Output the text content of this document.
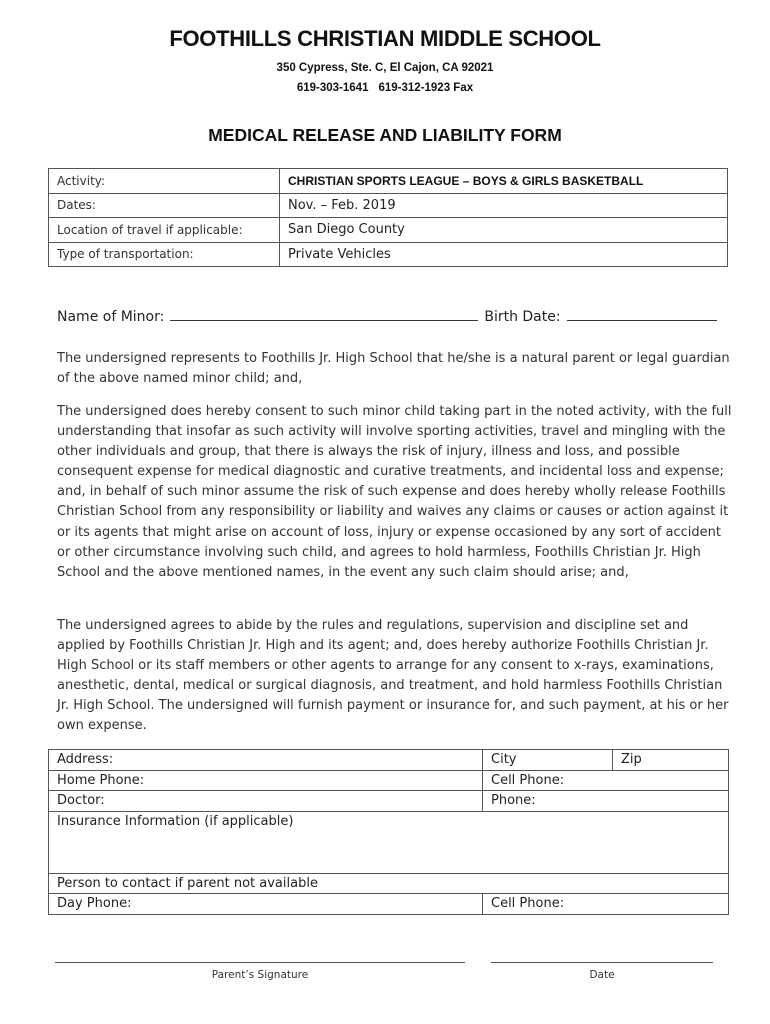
FOOTHILLS CHRISTIAN MIDDLE SCHOOL
350 Cypress, Ste. C, El Cajon, CA 92021
619-303-1641 619-312-1923 Fax
MEDICAL RELEASE AND LIABILITY FORM
Activity:	CHRISTIAN SPORTS LEAGUE – BOYS & GIRLS BASKETBALL
Dates:	Nov. – Feb. 2019
Location of travel if applicable:	San Diego County
Type of transportation:	Private Vehicles
Name of Minor:	Birth Date:

The undersigned represents to Foothills Jr. High School that he/she is a natural parent or legal guardian of the above named minor child; and,

The undersigned does hereby consent to such minor child taking part in the noted activity, with the full understanding that insofar as such activity will involve sporting activities, travel and mingling with the other individuals and group, that there is always the risk of injury, illness and loss, and possible consequent expense for medical diagnostic and curative treatments, and incidental loss and expense; and, in behalf of such minor assume the risk of such expense and does hereby wholly release Foothills Christian School from any responsibility or liability and waives any claims or causes or action against it or its agents that might arise on account of loss, injury or expense occasioned by any sort of accident or other circumstance involving such child, and agrees to hold harmless, Foothills Christian Jr. High School and the above mentioned names, in the event any such claim should arise; and,

The undersigned agrees to abide by the rules and regulations, supervision and discipline set and applied by Foothills Christian Jr. High and its agent; and, does hereby authorize Foothills Christian Jr. High School or its staff members or other agents to arrange for any consent to x-rays, examinations, anesthetic, dental, medical or surgical diagnosis, and treatment, and hold harmless Foothills Christian Jr. High School. The undersigned will furnish payment or insurance for, and such payment, at his or her own expense.

Address:	City	Zip
Home Phone:	Cell Phone:	
Doctor:	Phone:	
Insurance Information (if applicable)		
Person to contact if parent not available		
Day Phone:	Cell Phone:	
Parent’s Signature	Date
